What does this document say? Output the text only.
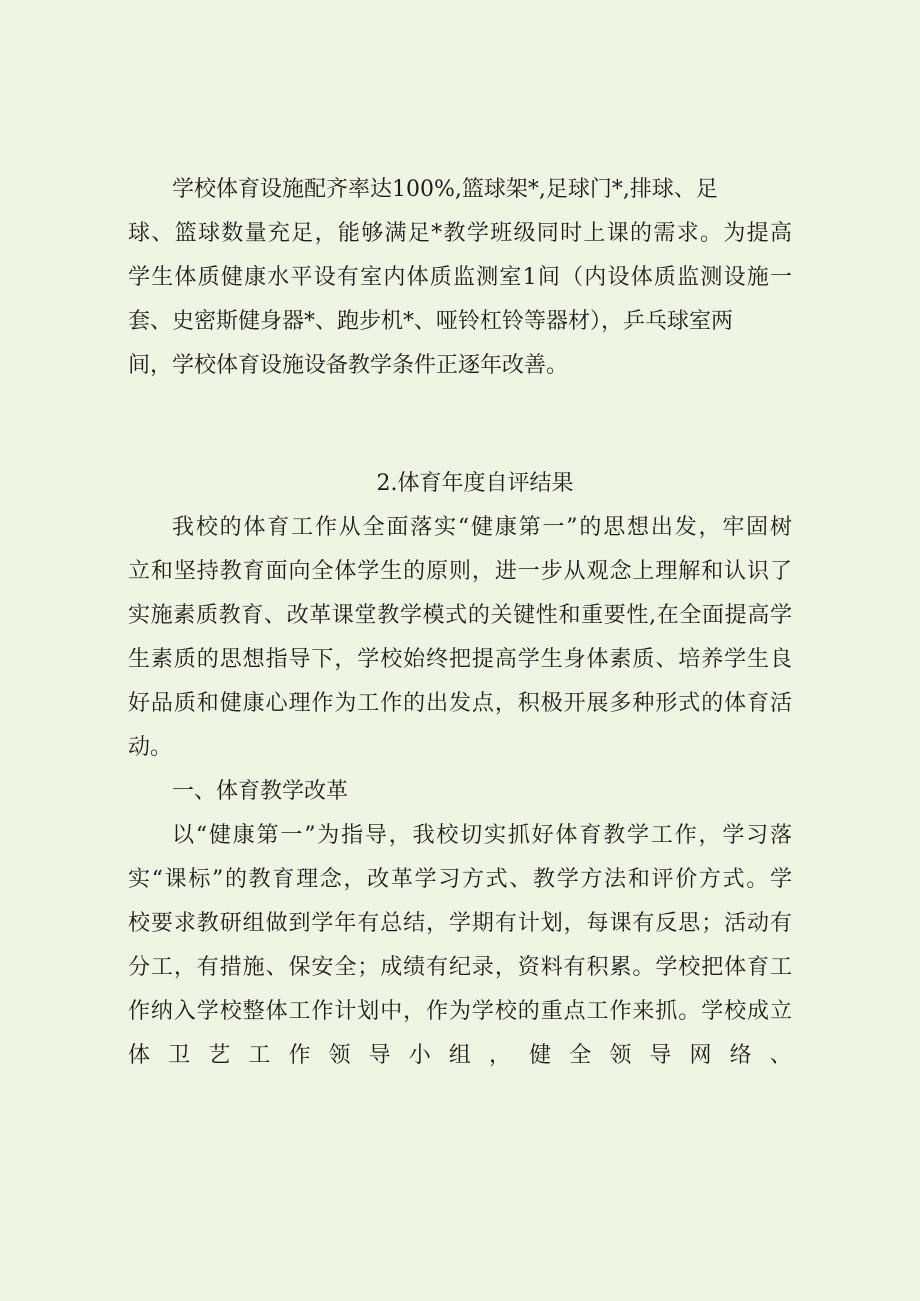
学校体育设施配齐率达100%,篮球架*,足球门*,排球、足
球、篮球数量充足，能够满足*教学班级同时上课的需求。为提高
学生体质健康水平设有室内体质监测室1间（内设体质监测设施一
套、史密斯健身器*、跑步机*、哑铃杠铃等器材），乒乓球室两
间，学校体育设施设备教学条件正逐年改善。
2.体育年度自评结果
我校的体育工作从全面落实“健康第一”的思想出发，牢固树
立和坚持教育面向全体学生的原则，进一步从观念上理解和认识了
实施素质教育、改革课堂教学模式的关键性和重要性,在全面提高学
生素质的思想指导下，学校始终把提高学生身体素质、培养学生良
好品质和健康心理作为工作的出发点，积极开展多种形式的体育活
动。
一、体育教学改革
以“健康第一”为指导，我校切实抓好体育教学工作，学习落
实“课标”的教育理念，改革学习方式、教学方法和评价方式。学
校要求教研组做到学年有总结，学期有计划，每课有反思；活动有
分工，有措施、保安全；成绩有纪录，资料有积累。学校把体育工
作纳入学校整体工作计划中，作为学校的重点工作来抓。学校成立
体 卫 艺 工 作 领 导 小 组 ， 健 全 领 导 网 络 、
